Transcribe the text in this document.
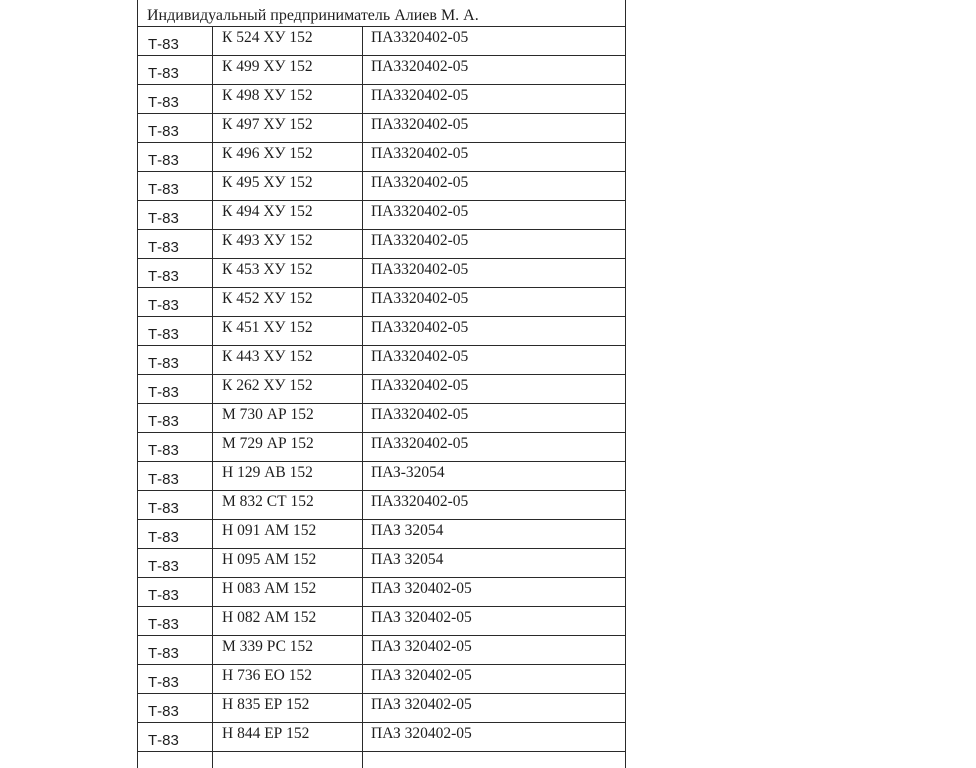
Индивидуальный предприниматель Алиев М. А.		
Т-83	К 524 ХУ 152	ПА3320402-05
Т-83	К 499 ХУ 152	ПА3320402-05
Т-83	К 498 ХУ 152	ПА3320402-05
Т-83	К 497 ХУ 152	ПА3320402-05
Т-83	К 496 ХУ 152	ПА3320402-05
Т-83	К 495 ХУ 152	ПА3320402-05
Т-83	К 494 ХУ 152	ПА3320402-05
Т-83	К 493 ХУ 152	ПА3320402-05
Т-83	К 453 ХУ 152	ПА3320402-05
Т-83	К 452 ХУ 152	ПА3320402-05
Т-83	К 451 ХУ 152	ПА3320402-05
Т-83	К 443 ХУ 152	ПА3320402-05
Т-83	К 262 ХУ 152	ПА3320402-05
Т-83	М 730 АР 152	ПА3320402-05
Т-83	М 729 АР 152	ПА3320402-05
Т-83	Н 129 АВ 152	ПАЗ-32054
Т-83	М 832 СТ 152	ПА3320402-05
Т-83	Н 091 АМ 152	ПАЗ 32054
Т-83	Н 095 АМ 152	ПАЗ 32054
Т-83	Н 083 АМ 152	ПАЗ 320402-05
Т-83	Н 082 АМ 152	ПАЗ 320402-05
Т-83	М 339 РС 152	ПАЗ 320402-05
Т-83	Н 736 ЕО 152	ПАЗ 320402-05
Т-83	Н 835 ЕР 152	ПАЗ 320402-05
Т-83	Н 844 ЕР 152	ПАЗ 320402-05
